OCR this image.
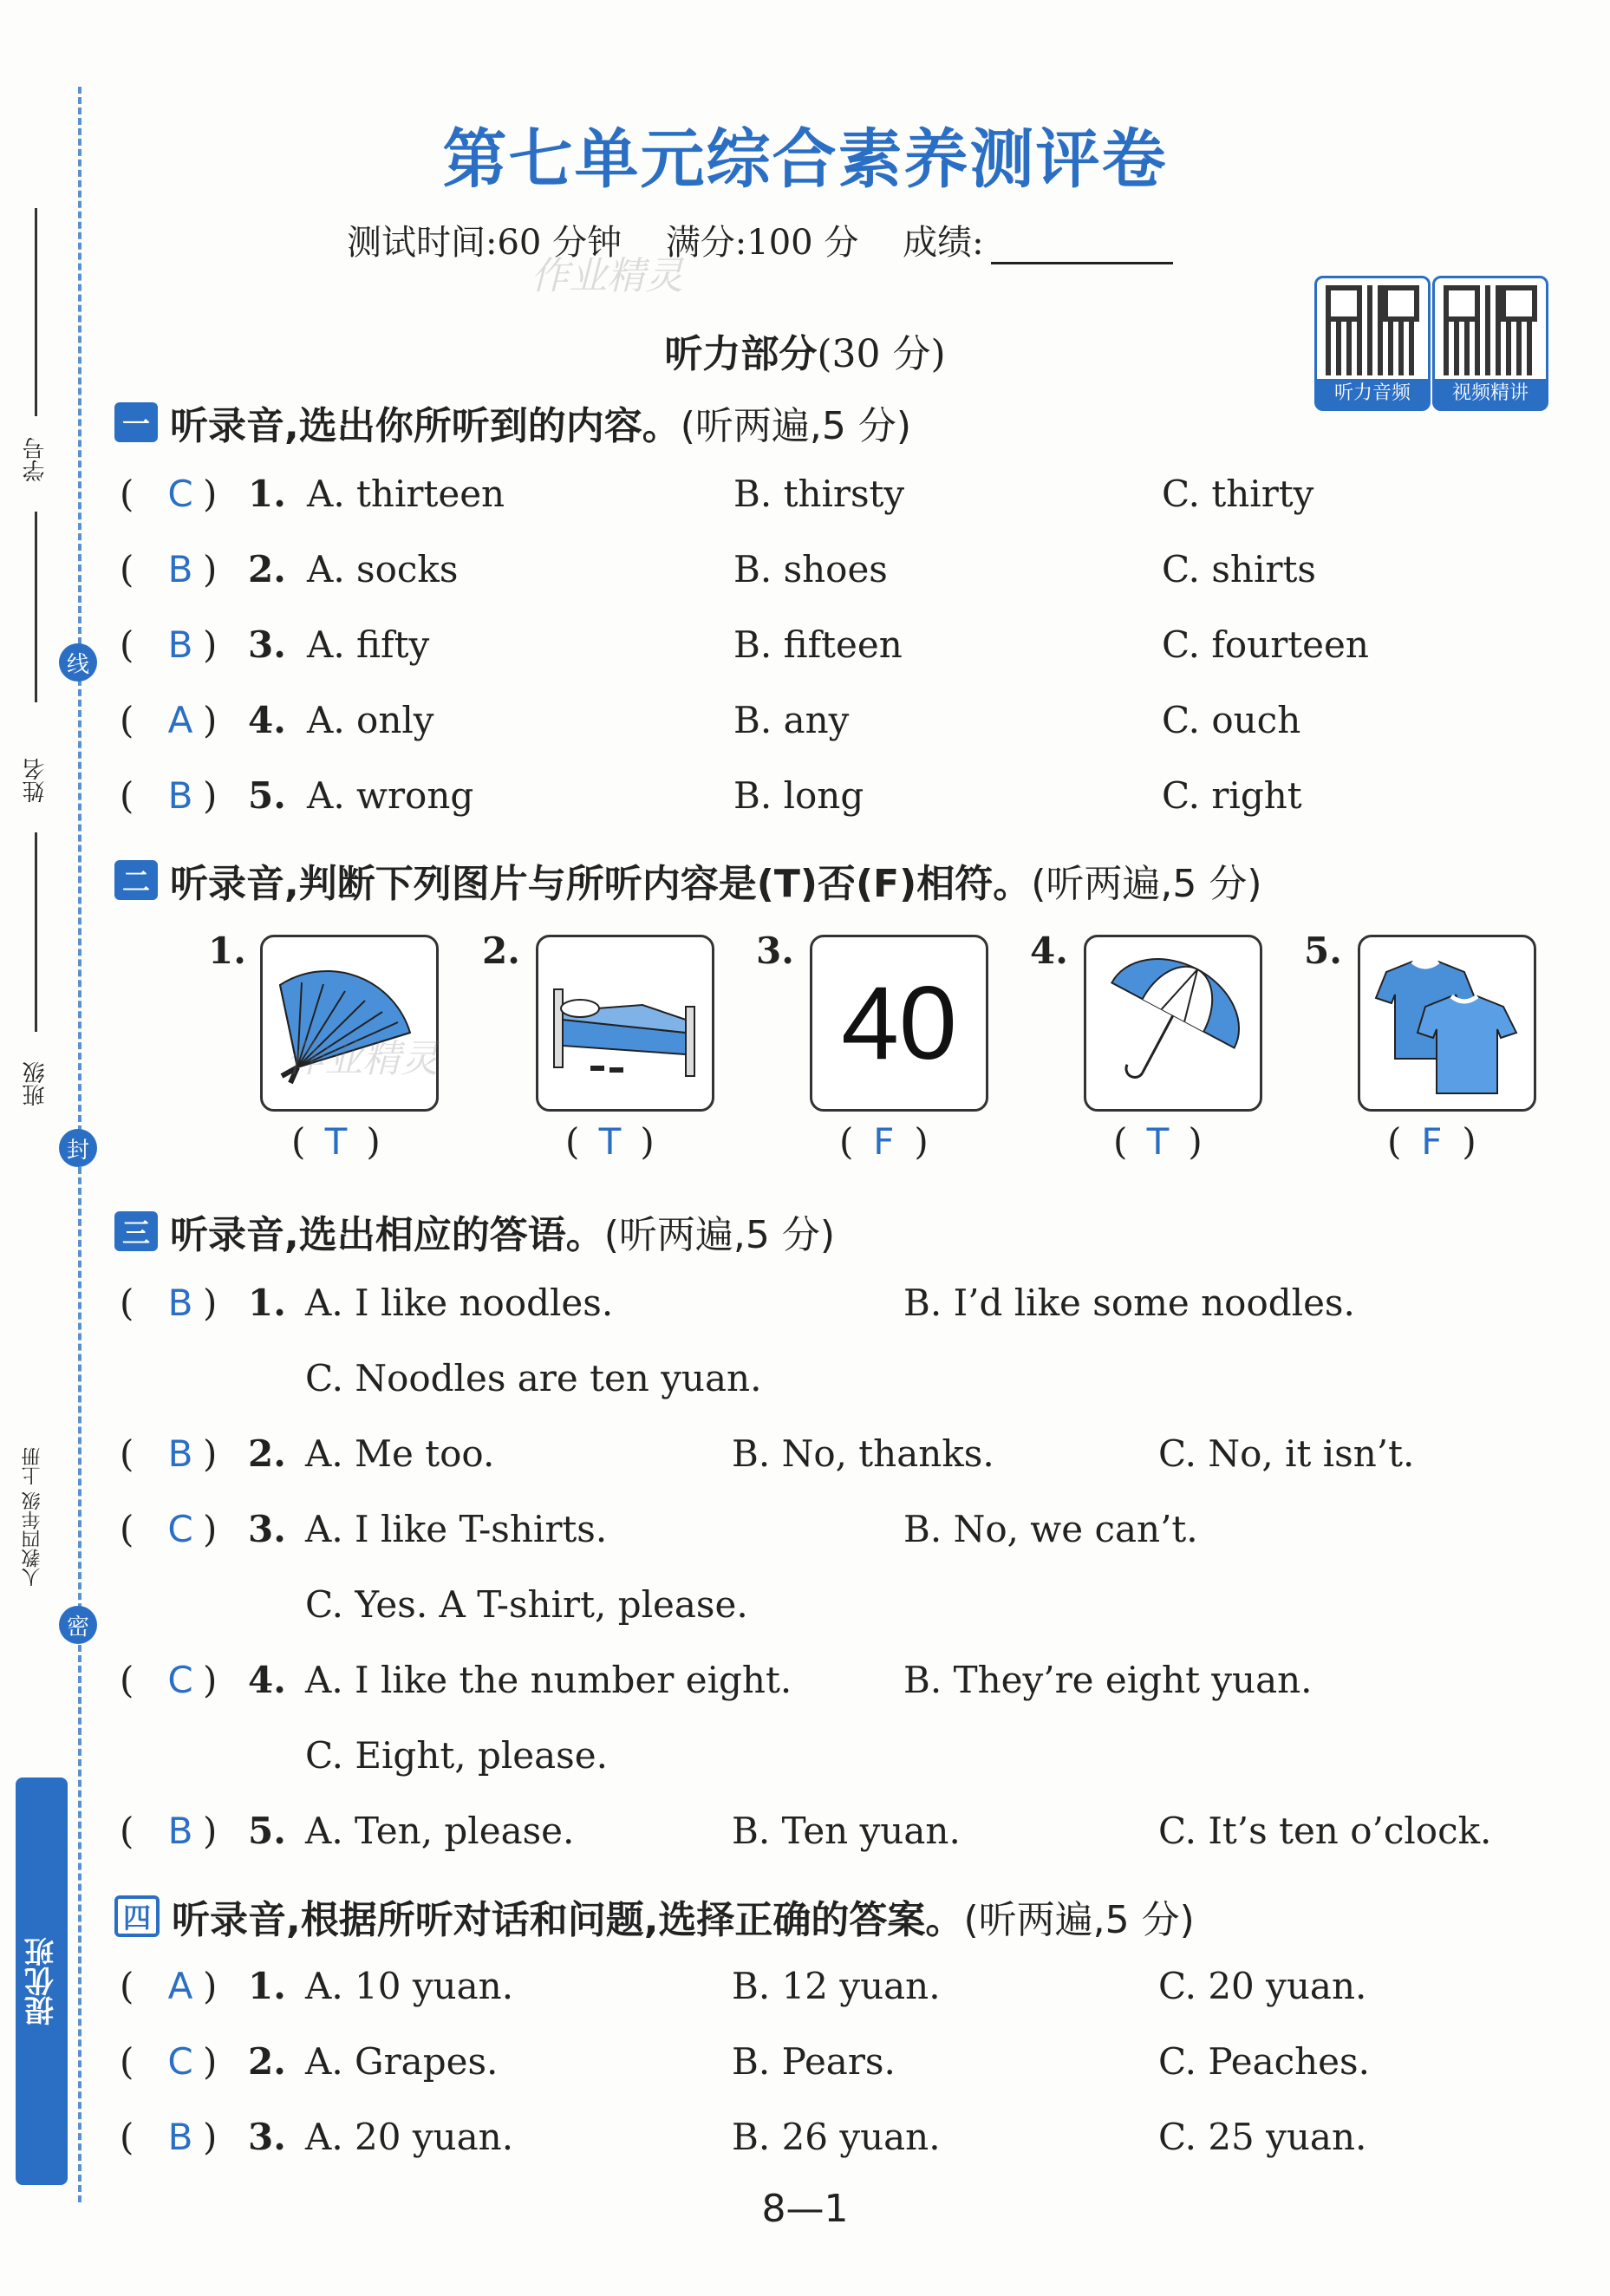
学号
姓名
班级
人教四年级 上册
线
封
密
提优班
第七单元综合素养测评卷
测试时间:60 分钟 满分:100 分 成绩:
作业精灵
听力音频	视频精讲
听力部分(30 分)
一 听录音,选出你所听到的内容。 (听两遍,5 分)
( C ) 1. A. thirteen	B. thirsty	C. thirty
( B ) 2. A. socks	B. shoes	C. shirts
( B ) 3. A. fifty	B. fifteen	C. fourteen
( A ) 4. A. only	B. any	C. ouch
( B ) 5. A. wrong	B. long	C. right
二 听录音,判断下列图片与所听内容是(T)否(F)相符。 (听两遍,5 分)
1.
( T )
2.
( T )
3.
40
( F )
4.
( T )
5.
( F )
作业精灵
三 听录音,选出相应的答语。 (听两遍,5 分)
( B ) 1. A. I like noodles.	B. I’d like some noodles.
C. Noodles are ten yuan.
( B ) 2. A. Me too.	B. No, thanks.	C. No, it isn’t.
( C ) 3. A. I like T-shirts.	B. No, we can’t.
C. Yes. A T-shirt, please.
( C ) 4. A. I like the number eight.	B. They’re eight yuan.
C. Eight, please.
( B ) 5. A. Ten, please.	B. Ten yuan.	C. It’s ten o’clock.
四 听录音,根据所听对话和问题,选择正确的答案。 (听两遍,5 分)
( A ) 1. A. 10 yuan.	B. 12 yuan.	C. 20 yuan.
( C ) 2. A. Grapes.	B. Pears.	C. Peaches.
( B ) 3. A. 20 yuan.	B. 26 yuan.	C. 25 yuan.
8—1
